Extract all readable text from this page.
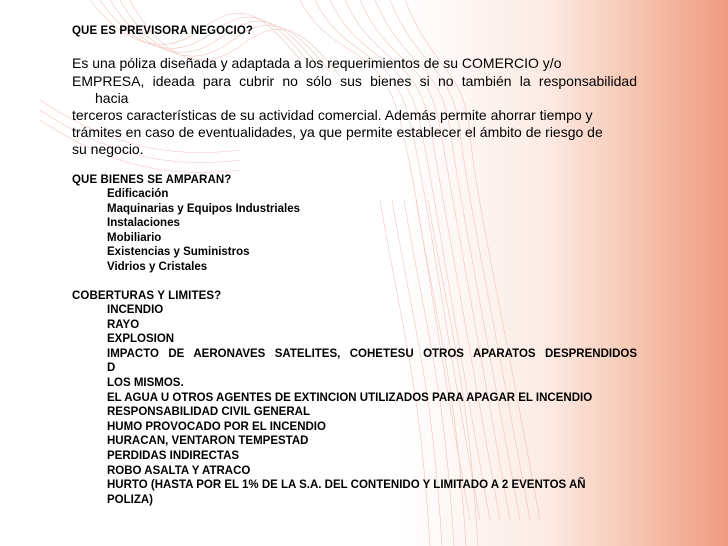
QUE ES PREVISORA NEGOCIO?
Es una póliza diseñada y adaptada a los requerimientos de su COMERCIO y/o
EMPRESA, ideada para cubrir no sólo sus bienes si no también la responsabilidad
hacia
terceros características de su actividad comercial. Además permite ahorrar tiempo y
trámites en caso de eventualidades, ya que permite establecer el ámbito de riesgo de
su negocio.
QUE BIENES SE AMPARAN?
Edificación
Maquinarias y Equipos Industriales
Instalaciones
Mobiliario
Existencias y Suministros
Vidrios y Cristales
COBERTURAS Y LIMITES?
INCENDIO
RAYO
EXPLOSION
IMPACTO DE AERONAVES SATELITES, COHETESU OTROS APARATOS DESPRENDIDOS
D
LOS MISMOS.
EL AGUA U OTROS AGENTES DE EXTINCION UTILIZADOS PARA APAGAR EL INCENDIO
RESPONSABILIDAD CIVIL GENERAL
HUMO PROVOCADO POR EL INCENDIO
HURACAN, VENTARON TEMPESTAD
PERDIDAS INDIRECTAS
ROBO ASALTA Y ATRACO
HURTO (HASTA POR EL 1% DE LA S.A. DEL CONTENIDO Y LIMITADO A 2 EVENTOS AÑ
POLIZA)
